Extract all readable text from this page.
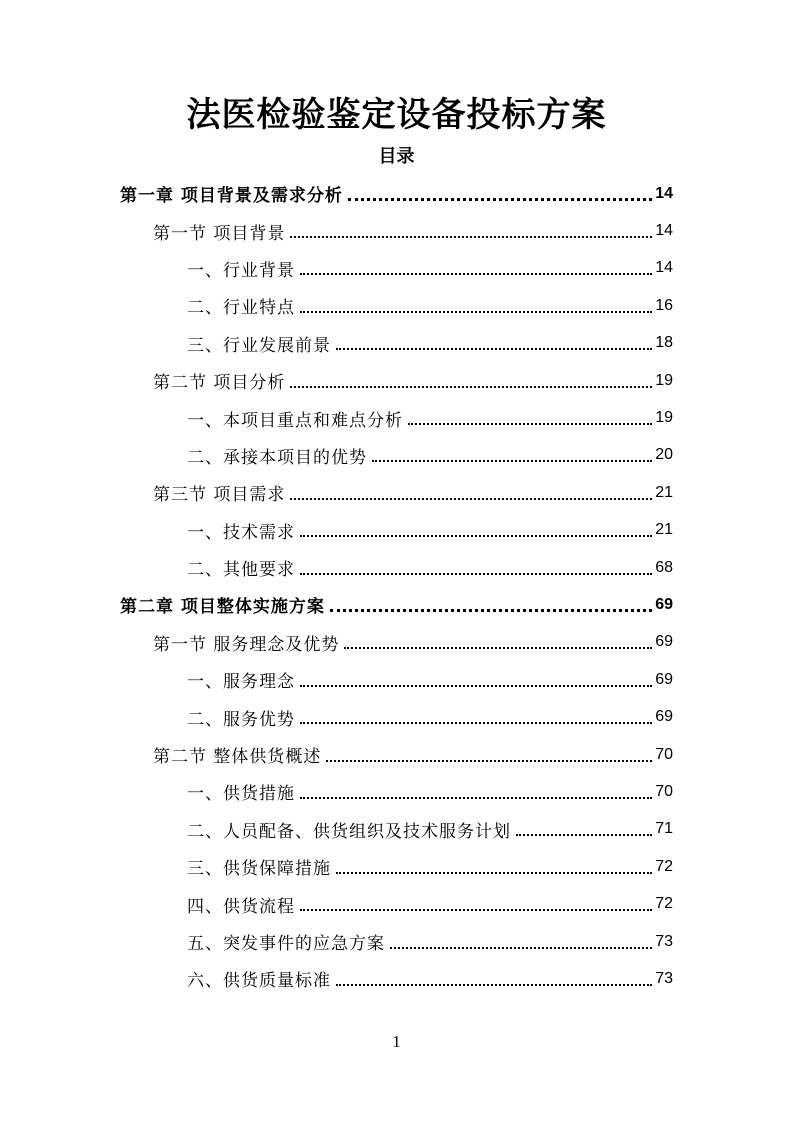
法医检验鉴定设备投标方案
目录
第一章 项目背景及需求分析	14
第一节 项目背景	14
一、行业背景	14
二、行业特点	16
三、行业发展前景	18
第二节 项目分析	19
一、本项目重点和难点分析	19
二、承接本项目的优势	20
第三节 项目需求	21
一、技术需求	21
二、其他要求	68
第二章 项目整体实施方案	69
第一节 服务理念及优势	69
一、服务理念	69
二、服务优势	69
第二节 整体供货概述	70
一、供货措施	70
二、人员配备、供货组织及技术服务计划	71
三、供货保障措施	72
四、供货流程	72
五、突发事件的应急方案	73
六、供货质量标准	73
1
